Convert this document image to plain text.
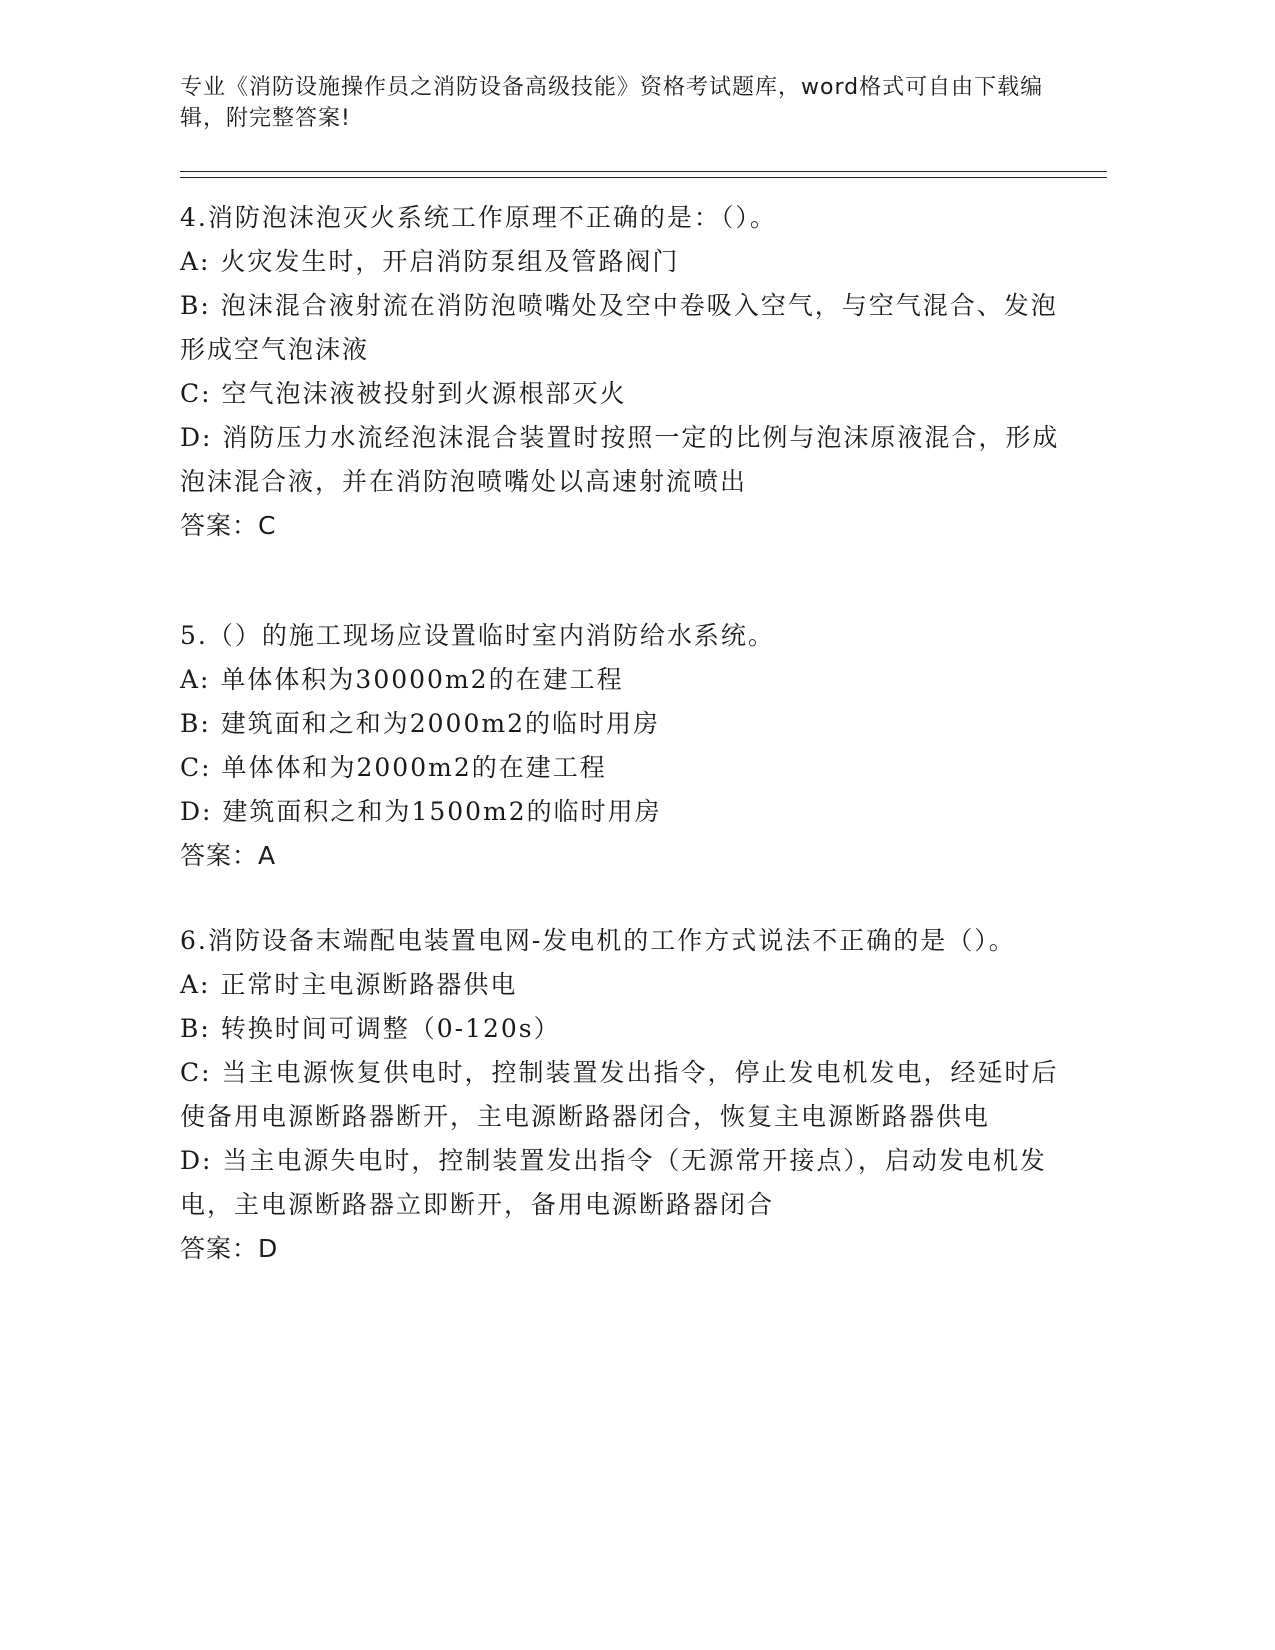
专业《消防设施操作员之消防设备高级技能》资格考试题库，word格式可自由下载编辑，附完整答案!
4.消防泡沫泡灭火系统工作原理不正确的是：（）。
A: 火灾发生时，开启消防泵组及管路阀门
B: 泡沫混合液射流在消防泡喷嘴处及空中卷吸入空气，与空气混合、发泡形成空气泡沫液
C: 空气泡沫液被投射到火源根部灭火
D: 消防压力水流经泡沫混合装置时按照一定的比例与泡沫原液混合，形成泡沫混合液，并在消防泡喷嘴处以高速射流喷出
答案：C
5.（）的施工现场应设置临时室内消防给水系统。
A: 单体体积为30000m2的在建工程
B: 建筑面和之和为2000m2的临时用房
C: 单体体和为2000m2的在建工程
D: 建筑面积之和为1500m2的临时用房
答案：A
6.消防设备末端配电装置电网-发电机的工作方式说法不正确的是（）。
A: 正常时主电源断路器供电
B: 转换时间可调整（0-120s）
C: 当主电源恢复供电时，控制装置发出指令，停止发电机发电，经延时后使备用电源断路器断开，主电源断路器闭合，恢复主电源断路器供电
D: 当主电源失电时，控制装置发出指令（无源常开接点），启动发电机发电，主电源断路器立即断开，备用电源断路器闭合
答案：D
